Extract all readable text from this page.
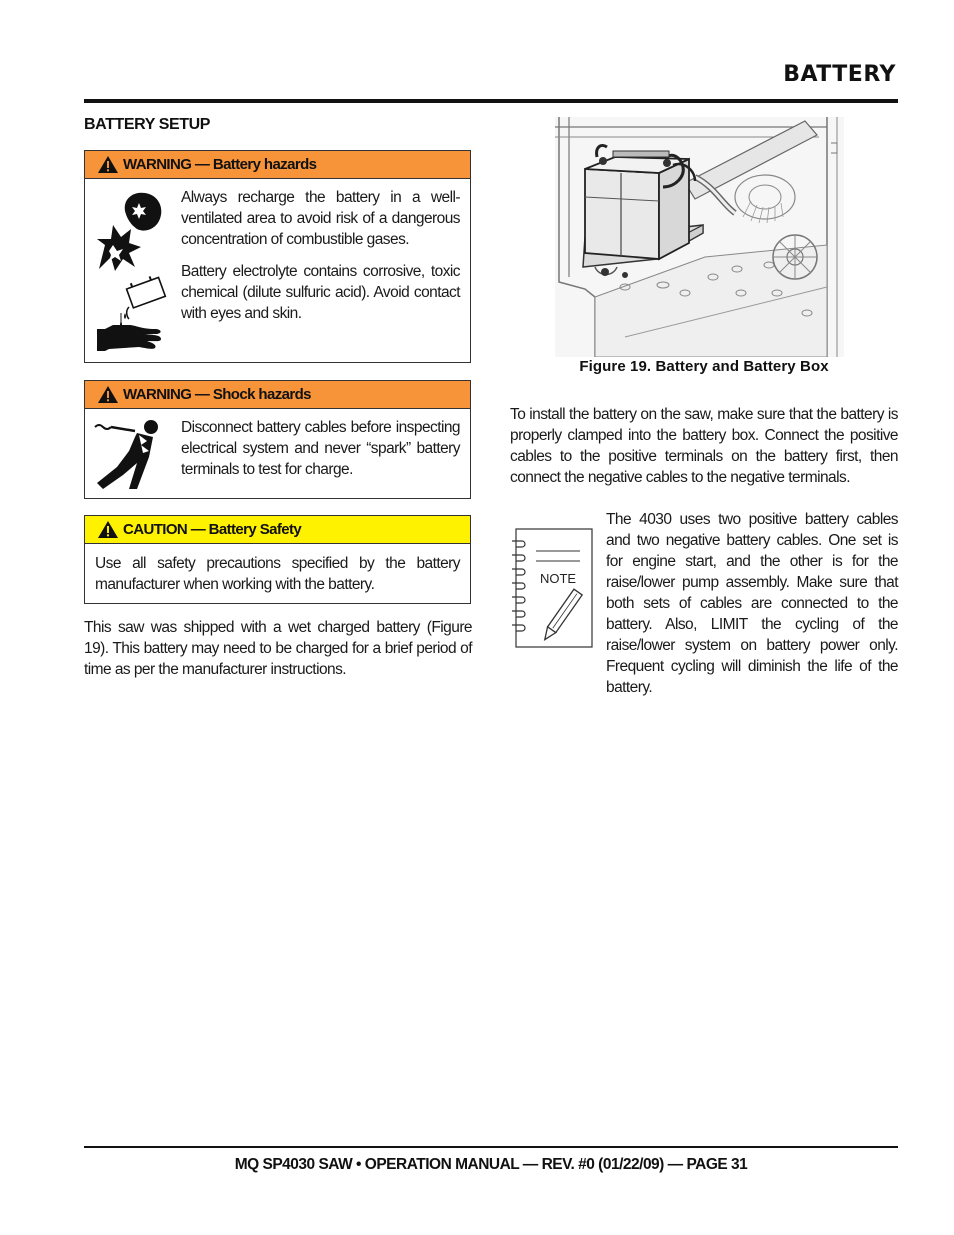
BATTERY
BATTERY SETUP
WARNING — Battery hazards

Always recharge the battery in a well-ventilated area to avoid risk of a dangerous concentration of combustible gases.

Battery electrolyte contains corrosive, toxic chemical (dilute sulfuric acid). Avoid contact with eyes and skin.

WARNING — Shock hazards

Disconnect battery cables before inspecting electrical system and never “spark” battery terminals to test for charge.

CAUTION — Battery Safety

Use all safety precautions specified by the battery manufacturer when working with the battery.

This saw was shipped with a wet charged battery (Figure 19). This battery may need to be charged for a brief period of time as per the manufacturer instructions.

Figure 19. Battery and Battery Box

To install the battery on the saw, make sure that the battery is properly clamped into the battery box. Connect the positive cables to the positive terminals on the battery first, then connect the negative cables to the negative terminals.

NOTE

The 4030 uses two positive battery cables and two negative battery cables. One set is for engine start, and the other is for the raise/lower pump assembly. Make sure that both sets of cables are connected to the battery. Also, LIMIT the cycling of the raise/lower system on battery power only. Frequent cycling will diminish the life of the battery.

MQ SP4030 SAW • OPERATION MANUAL — REV. #0 (01/22/09) — PAGE 31
